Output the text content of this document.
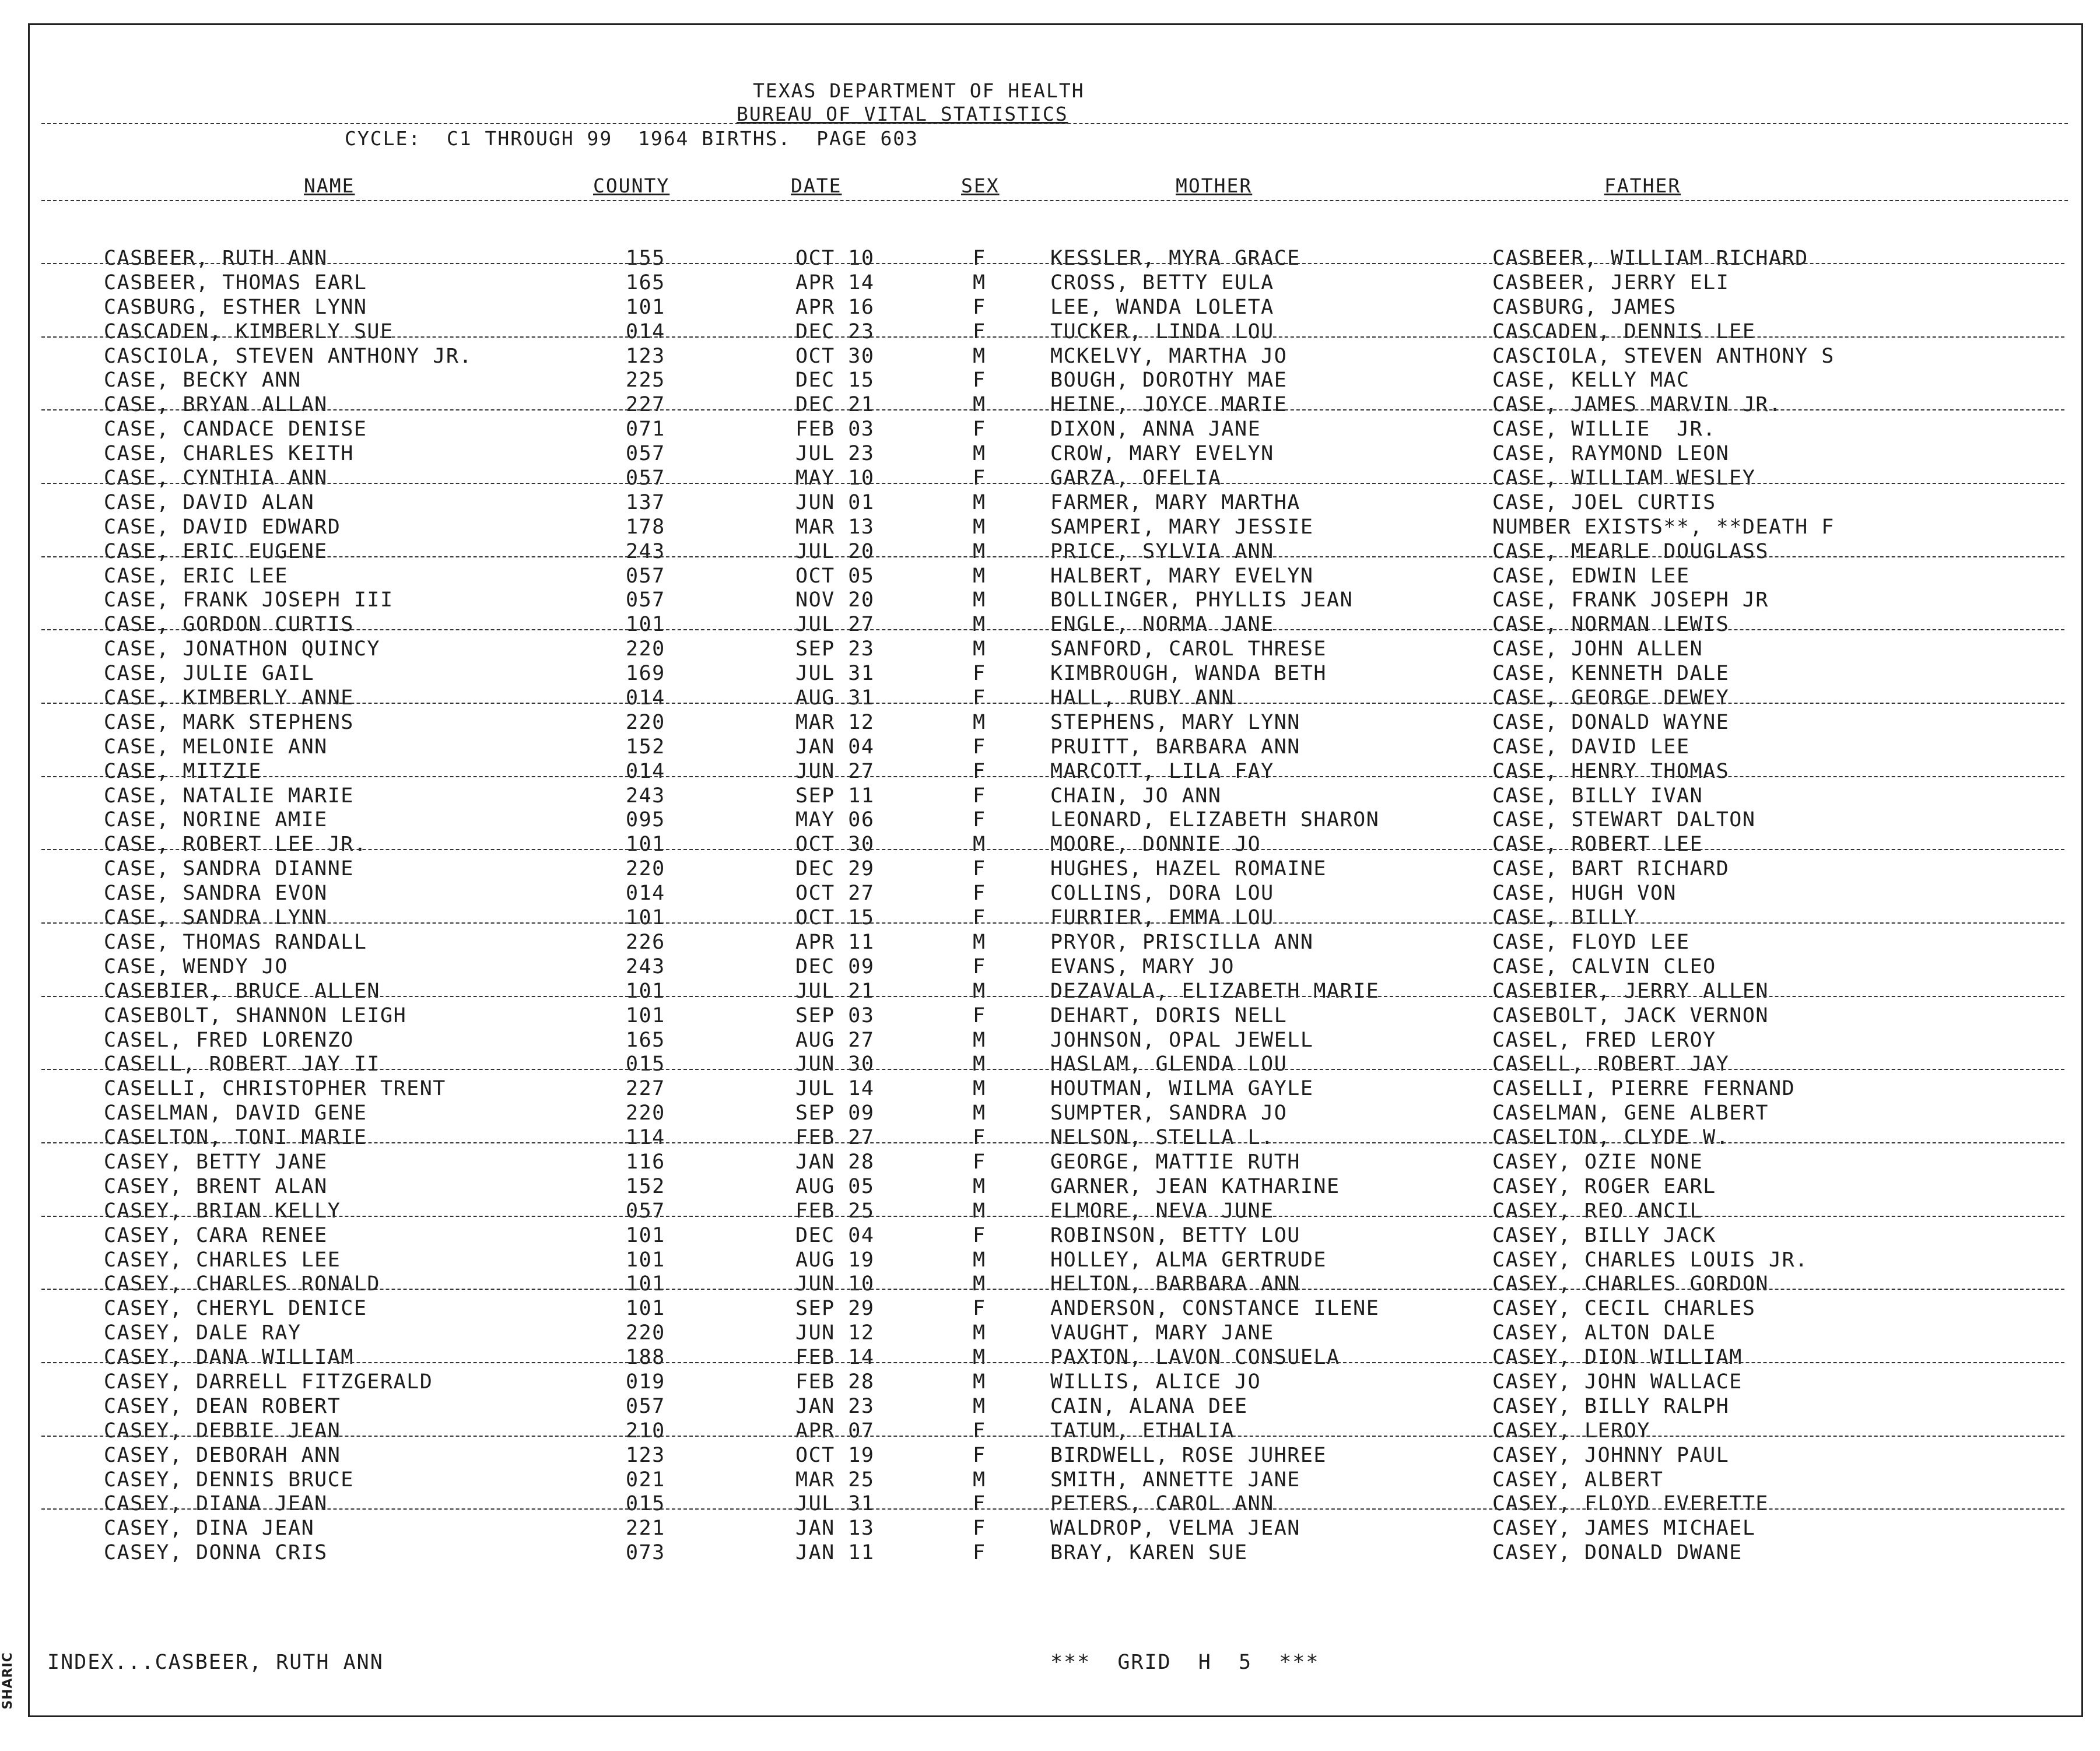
TEXAS DEPARTMENT OF HEALTH
BUREAU OF VITAL STATISTICS
CYCLE:  C1 THROUGH 99  1964 BIRTHS.  PAGE 603
NAME	COUNTY	DATE	SEX	MOTHER	FATHER
CASBEER, RUTH ANN	155	OCT 10	F	KESSLER, MYRA GRACE	CASBEER, WILLIAM RICHARD
CASBEER, THOMAS EARL	165	APR 14	M	CROSS, BETTY EULA	CASBEER, JERRY ELI
CASBURG, ESTHER LYNN	101	APR 16	F	LEE, WANDA LOLETA	CASBURG, JAMES
CASCADEN, KIMBERLY SUE	014	DEC 23	F	TUCKER, LINDA LOU	CASCADEN, DENNIS LEE
CASCIOLA, STEVEN ANTHONY JR.	123	OCT 30	M	MCKELVY, MARTHA JO	CASCIOLA, STEVEN ANTHONY S
CASE, BECKY ANN	225	DEC 15	F	BOUGH, DOROTHY MAE	CASE, KELLY MAC
CASE, BRYAN ALLAN	227	DEC 21	M	HEINE, JOYCE MARIE	CASE, JAMES MARVIN JR.
CASE, CANDACE DENISE	071	FEB 03	F	DIXON, ANNA JANE	CASE, WILLIE  JR.
CASE, CHARLES KEITH	057	JUL 23	M	CROW, MARY EVELYN	CASE, RAYMOND LEON
CASE, CYNTHIA ANN	057	MAY 10	F	GARZA, OFELIA	CASE, WILLIAM WESLEY
CASE, DAVID ALAN	137	JUN 01	M	FARMER, MARY MARTHA	CASE, JOEL CURTIS
CASE, DAVID EDWARD	178	MAR 13	M	SAMPERI, MARY JESSIE	NUMBER EXISTS**, **DEATH F
CASE, ERIC EUGENE	243	JUL 20	M	PRICE, SYLVIA ANN	CASE, MEARLE DOUGLASS
CASE, ERIC LEE	057	OCT 05	M	HALBERT, MARY EVELYN	CASE, EDWIN LEE
CASE, FRANK JOSEPH III	057	NOV 20	M	BOLLINGER, PHYLLIS JEAN	CASE, FRANK JOSEPH JR
CASE, GORDON CURTIS	101	JUL 27	M	ENGLE, NORMA JANE	CASE, NORMAN LEWIS
CASE, JONATHON QUINCY	220	SEP 23	M	SANFORD, CAROL THRESE	CASE, JOHN ALLEN
CASE, JULIE GAIL	169	JUL 31	F	KIMBROUGH, WANDA BETH	CASE, KENNETH DALE
CASE, KIMBERLY ANNE	014	AUG 31	F	HALL, RUBY ANN	CASE, GEORGE DEWEY
CASE, MARK STEPHENS	220	MAR 12	M	STEPHENS, MARY LYNN	CASE, DONALD WAYNE
CASE, MELONIE ANN	152	JAN 04	F	PRUITT, BARBARA ANN	CASE, DAVID LEE
CASE, MITZIE	014	JUN 27	F	MARCOTT, LILA FAY	CASE, HENRY THOMAS
CASE, NATALIE MARIE	243	SEP 11	F	CHAIN, JO ANN	CASE, BILLY IVAN
CASE, NORINE AMIE	095	MAY 06	F	LEONARD, ELIZABETH SHARON	CASE, STEWART DALTON
CASE, ROBERT LEE JR.	101	OCT 30	M	MOORE, DONNIE JO	CASE, ROBERT LEE
CASE, SANDRA DIANNE	220	DEC 29	F	HUGHES, HAZEL ROMAINE	CASE, BART RICHARD
CASE, SANDRA EVON	014	OCT 27	F	COLLINS, DORA LOU	CASE, HUGH VON
CASE, SANDRA LYNN	101	OCT 15	F	FURRIER, EMMA LOU	CASE, BILLY
CASE, THOMAS RANDALL	226	APR 11	M	PRYOR, PRISCILLA ANN	CASE, FLOYD LEE
CASE, WENDY JO	243	DEC 09	F	EVANS, MARY JO	CASE, CALVIN CLEO
CASEBIER, BRUCE ALLEN	101	JUL 21	M	DEZAVALA, ELIZABETH MARIE	CASEBIER, JERRY ALLEN
CASEBOLT, SHANNON LEIGH	101	SEP 03	F	DEHART, DORIS NELL	CASEBOLT, JACK VERNON
CASEL, FRED LORENZO	165	AUG 27	M	JOHNSON, OPAL JEWELL	CASEL, FRED LEROY
CASELL, ROBERT JAY II	015	JUN 30	M	HASLAM, GLENDA LOU	CASELL, ROBERT JAY
CASELLI, CHRISTOPHER TRENT	227	JUL 14	M	HOUTMAN, WILMA GAYLE	CASELLI, PIERRE FERNAND
CASELMAN, DAVID GENE	220	SEP 09	M	SUMPTER, SANDRA JO	CASELMAN, GENE ALBERT
CASELTON, TONI MARIE	114	FEB 27	F	NELSON, STELLA L.	CASELTON, CLYDE W.
CASEY, BETTY JANE	116	JAN 28	F	GEORGE, MATTIE RUTH	CASEY, OZIE NONE
CASEY, BRENT ALAN	152	AUG 05	M	GARNER, JEAN KATHARINE	CASEY, ROGER EARL
CASEY, BRIAN KELLY	057	FEB 25	M	ELMORE, NEVA JUNE	CASEY, REO ANCIL
CASEY, CARA RENEE	101	DEC 04	F	ROBINSON, BETTY LOU	CASEY, BILLY JACK
CASEY, CHARLES LEE	101	AUG 19	M	HOLLEY, ALMA GERTRUDE	CASEY, CHARLES LOUIS JR.
CASEY, CHARLES RONALD	101	JUN 10	M	HELTON, BARBARA ANN	CASEY, CHARLES GORDON
CASEY, CHERYL DENICE	101	SEP 29	F	ANDERSON, CONSTANCE ILENE	CASEY, CECIL CHARLES
CASEY, DALE RAY	220	JUN 12	M	VAUGHT, MARY JANE	CASEY, ALTON DALE
CASEY, DANA WILLIAM	188	FEB 14	M	PAXTON, LAVON CONSUELA	CASEY, DION WILLIAM
CASEY, DARRELL FITZGERALD	019	FEB 28	M	WILLIS, ALICE JO	CASEY, JOHN WALLACE
CASEY, DEAN ROBERT	057	JAN 23	M	CAIN, ALANA DEE	CASEY, BILLY RALPH
CASEY, DEBBIE JEAN	210	APR 07	F	TATUM, ETHALIA	CASEY, LEROY
CASEY, DEBORAH ANN	123	OCT 19	F	BIRDWELL, ROSE JUHREE	CASEY, JOHNNY PAUL
CASEY, DENNIS BRUCE	021	MAR 25	M	SMITH, ANNETTE JANE	CASEY, ALBERT
CASEY, DIANA JEAN	015	JUL 31	F	PETERS, CAROL ANN	CASEY, FLOYD EVERETTE
CASEY, DINA JEAN	221	JAN 13	F	WALDROP, VELMA JEAN	CASEY, JAMES MICHAEL
CASEY, DONNA CRIS	073	JAN 11	F	BRAY, KAREN SUE	CASEY, DONALD DWANE
INDEX...CASBEER, RUTH ANN	***  GRID  H  5  ***
SHARIC
